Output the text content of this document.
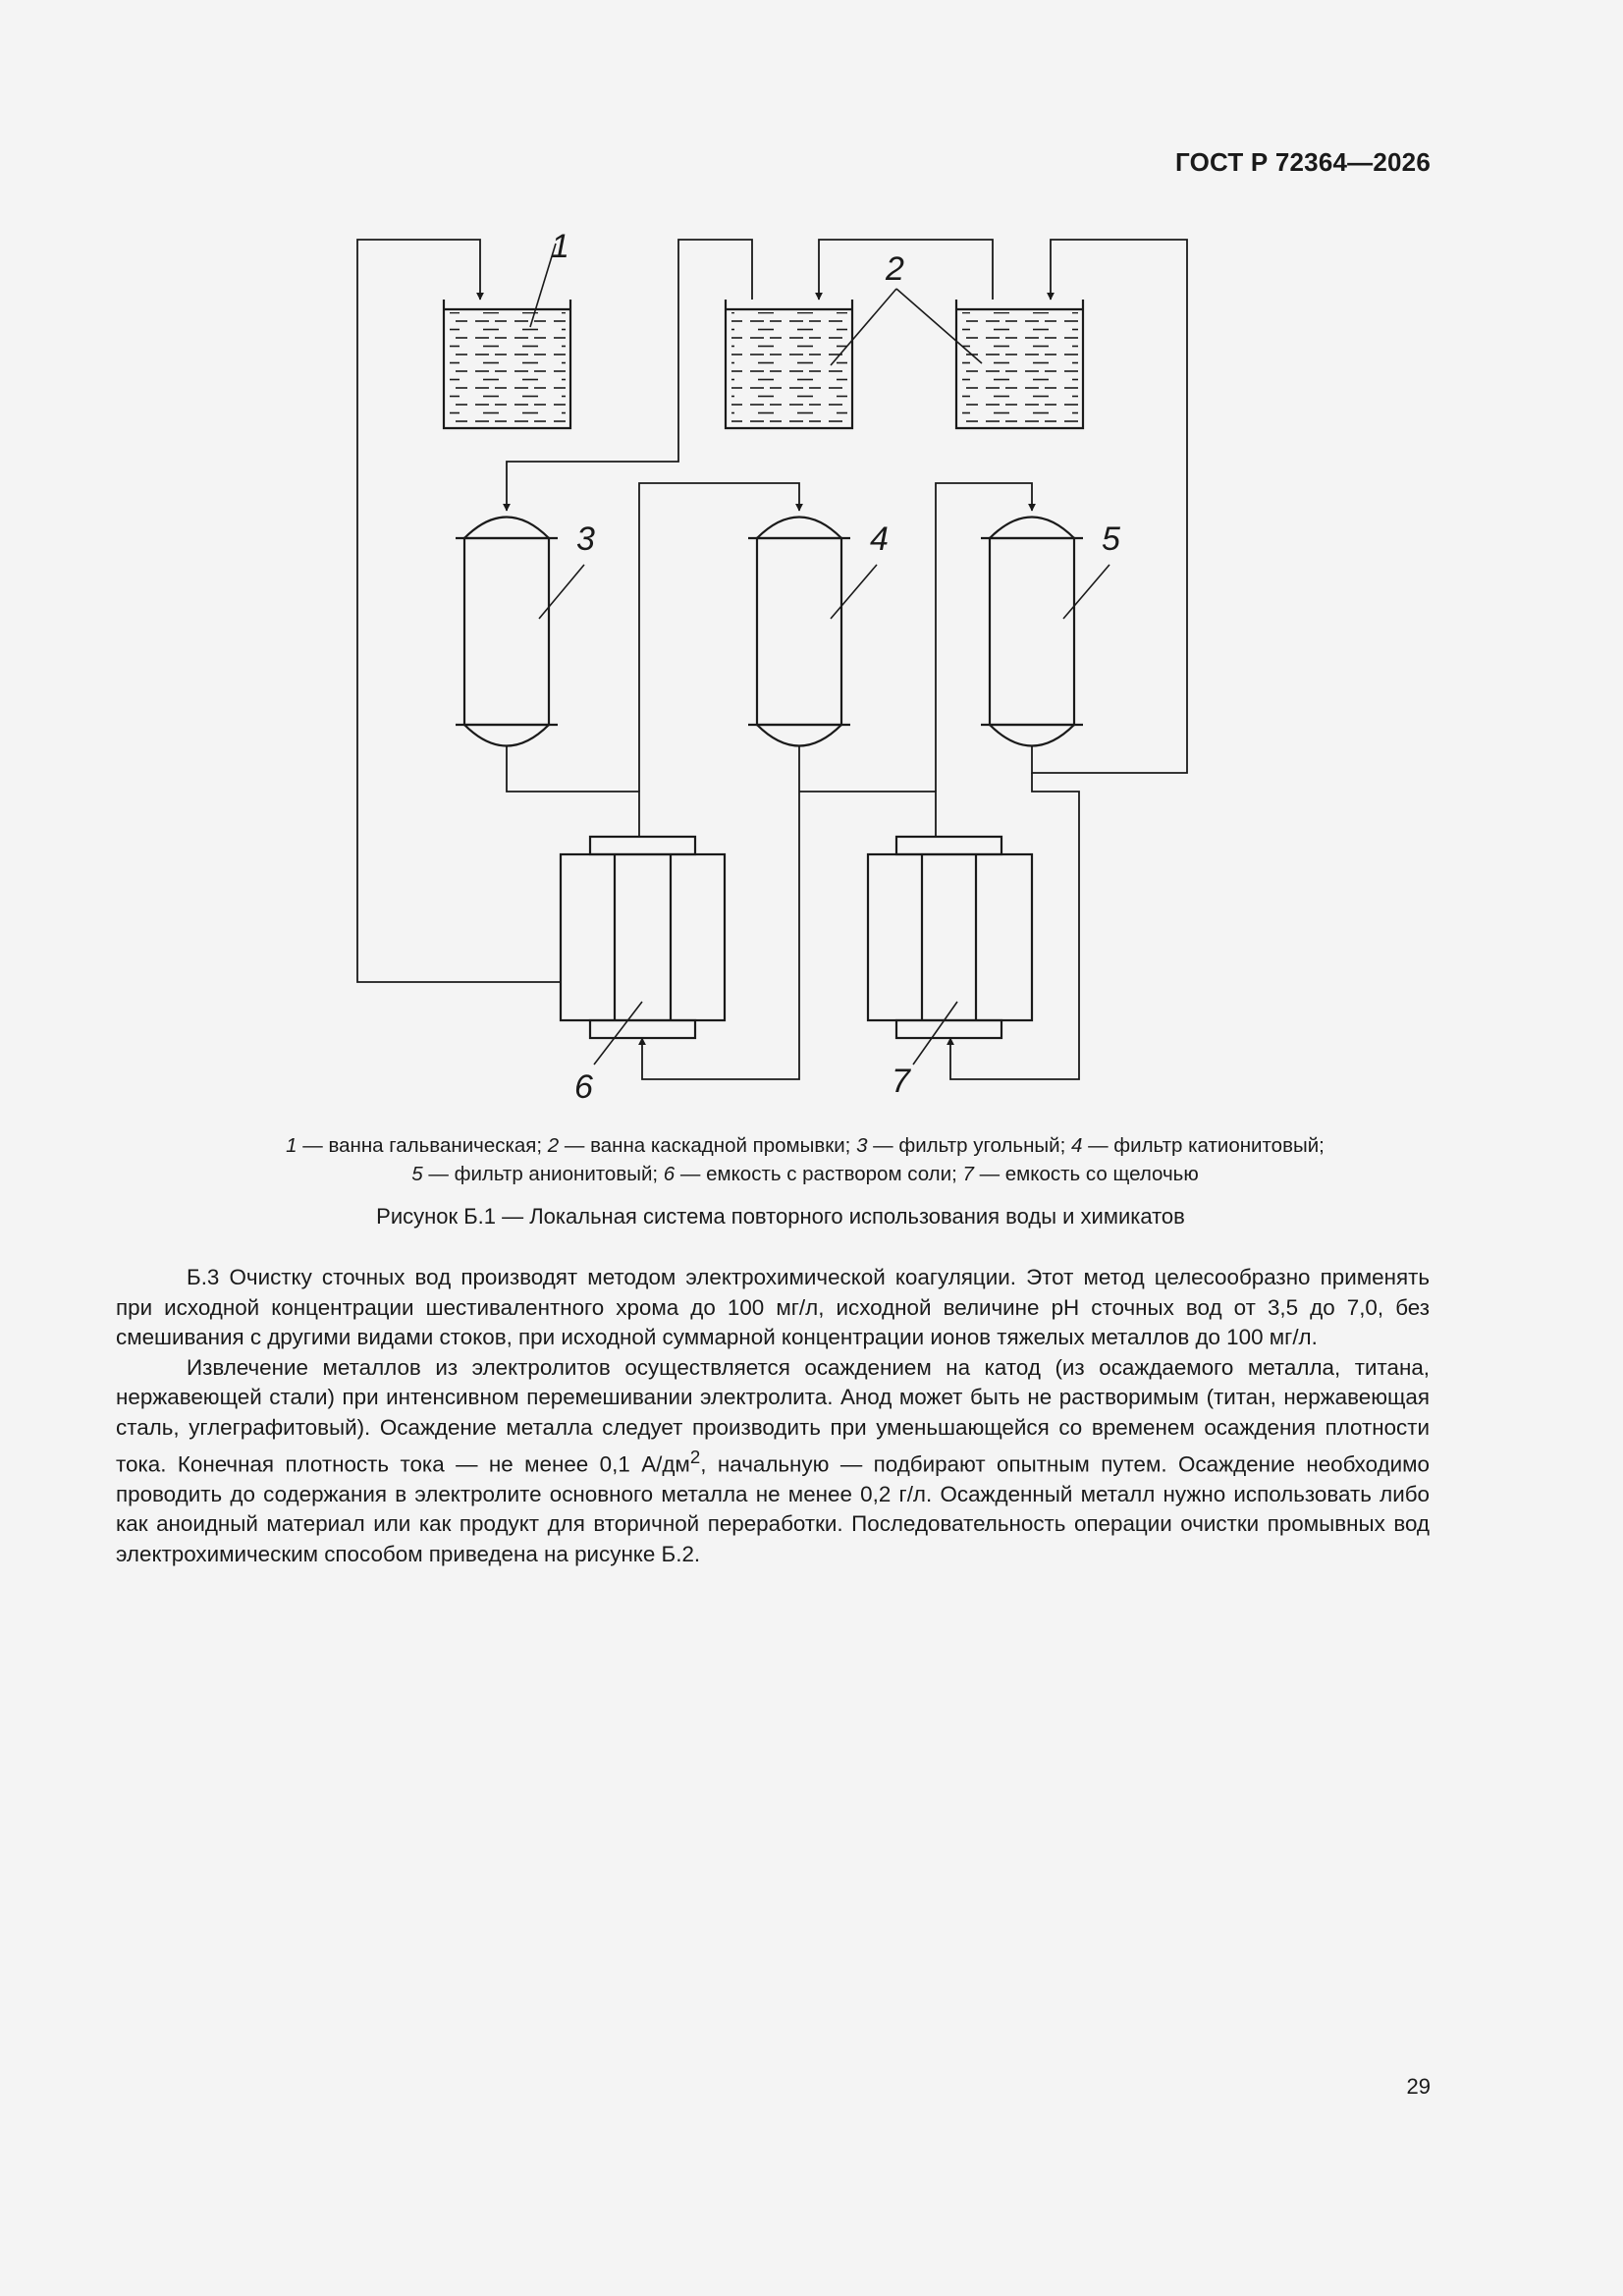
ГОСТ Р 72364—2026
1
2
3	4	5
6	7
1 — ванна гальваническая; 2 — ванна каскадной промывки; 3 — фильтр угольный; 4 — фильтр катионитовый;
5 — фильтр анионитовый; 6 — емкость с раствором соли; 7 — емкость со щелочью
Рисунок Б.1 — Локальная система повторного использования воды и химикатов

Б.3 Очистку сточных вод производят методом электрохимической коагуляции. Этот метод целесообразно применять при исходной концентрации шестивалентного хрома до 100 мг/л, исходной величине pH сточных вод от 3,5 до 7,0, без смешивания с другими видами стоков, при исходной суммарной концентрации ионов тяжелых металлов до 100 мг/л.

Извлечение металлов из электролитов осуществляется осаждением на катод (из осаждаемого металла, титана, нержавеющей стали) при интенсивном перемешивании электролита. Анод может быть не растворимым (титан, нержавеющая сталь, углеграфитовый). Осаждение металла следует производить при уменьшающейся со временем осаждения плотности тока. Конечная плотность тока — не менее 0,1 $А/дм^2$, начальную — подбирают опытным путем. Осаждение необходимо проводить до содержания в электролите основного металла не менее 0,2 г/л. Осажденный металл нужно использовать либо как аноидный материал или как продукт для вторичной переработки. Последовательность операции очистки промывных вод электрохимическим способом приведена на рисунке Б.2.

29
